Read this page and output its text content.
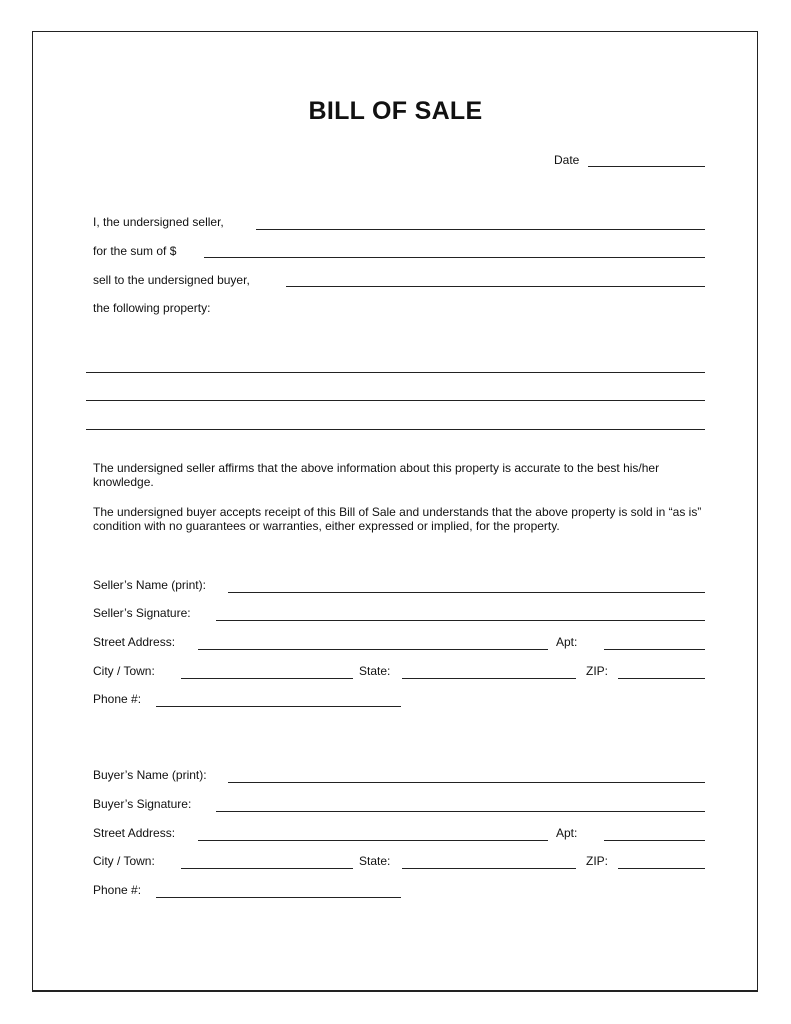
BILL OF SALE
Date
I, the undersigned seller,
for the sum of $
sell to the undersigned buyer,
the following property:

The undersigned seller affirms that the above information about this property is accurate to the best his/her knowledge.

The undersigned buyer accepts receipt of this Bill of Sale and understands that the above property is sold in “as is” condition with no guarantees or warranties, either expressed or implied, for the property.

Seller’s Name (print):
Seller’s Signature:
Street Address:	Apt:
City / Town:	State:	ZIP:
Phone #:
Buyer’s Name (print):
Buyer’s Signature:
Street Address:	Apt:
City / Town:	State:	ZIP:
Phone #:
